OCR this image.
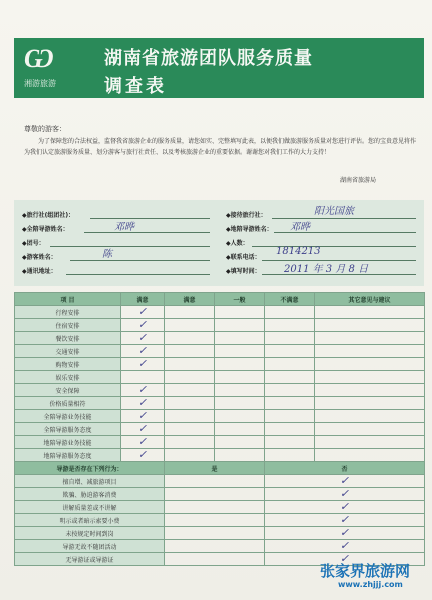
Ѡ
湘游旅游
湖南省旅游团队服务质量
调查表
尊敬的游客：
为了保障您的合法权益，监督我省旅游企业的服务质量，请您如实、完整填写此表，以便我们做旅游服务质量对您进行评估。您的宝贵意见将作为我们认定旅游服务质量、划分游客与旅行社责任、以及考核旅游企业的重要依据。谢谢您对我们工作的大力支持！
湖南省旅游局
◆旅行社(组团社)：	◆接待旅行社：	阳光国旅
◆全陪导游姓名：	邓晔	◆地陪导游姓名： 邓晔
◆团号：	◆人数：
◆游客姓名：	陈	◆联系电话：
1814213
◆通讯地址：	◆填写时间： 2011 年 3 月 8 日
项 目	满意	满意	一般	不满意	其它意见与建议
行程安排	✓				
住宿安排	✓				
餐饮安排	✓				
交通安排	✓				
购物安排	✓				
娱乐安排					
安全保障	✓				
价格质量相符	✓				
全陪导游业务技能	✓				
全陪导游服务态度	✓				
地陪导游业务技能	✓				
地陪导游服务态度	✓				
导游是否存在下列行为：		是		否	
擅自增、减旅游项目				✓	
欺骗、胁迫游客消费				✓	
讲解质量差或不讲解				✓	
明示或者暗示索要小费				✓	
未按规定时间到岗				✓	
导游无故不随团活动				✓	
无导游证或导游证				✓	
张家界旅游网
www.zhjjj.com
